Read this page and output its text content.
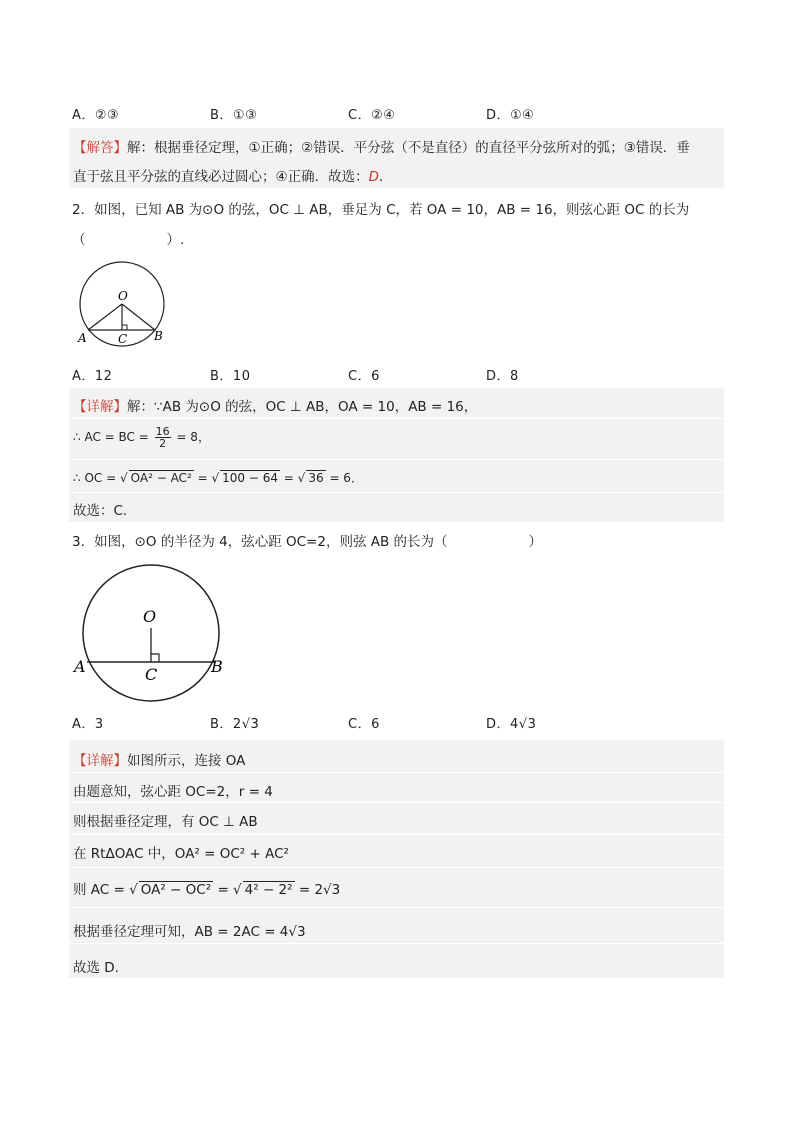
A．②③	B．①③	C．②④	D．①④
【解答】解：根据垂径定理，①正确；②错误．平分弦（不是直径）的直径平分弦所对的弧；③错误．垂
直于弦且平分弦的直线必过圆心；④正确．故选：D.
2．如图，已知 AB 为⊙O 的弦，OC ⊥ AB，垂足为 C，若 OA = 10，AB = 16，则弦心距 OC 的长为
（　　　　　　）.
O
A	C B
A．12	B．10	C．6	D．8
【详解】解：∵AB 为⊙O 的弦，OC ⊥ AB，OA = 10，AB = 16，
∴ AC = BC = $\frac{16}{2} = 8$，
∴ OC = √ OA² − AC² = √ 100 − 64 = √ 36 = 6．
故选：C．
3．如图，⊙O 的半径为 4，弦心距 OC=2，则弦 AB 的长为（　　　　　　）
O
A	C	B
A．3	B．2√3	C．6	D．4√3
【详解】如图所示，连接 OA
由题意知，弦心距 OC=2，r = 4
则根据垂径定理，有 OC ⊥ AB
在 RtΔOAC 中，OA² = OC² + AC²
则 AC = √ OA² − OC² = √ 4² − 2² = 2√3
根据垂径定理可知，AB = 2AC = 4√3
故选 D.
